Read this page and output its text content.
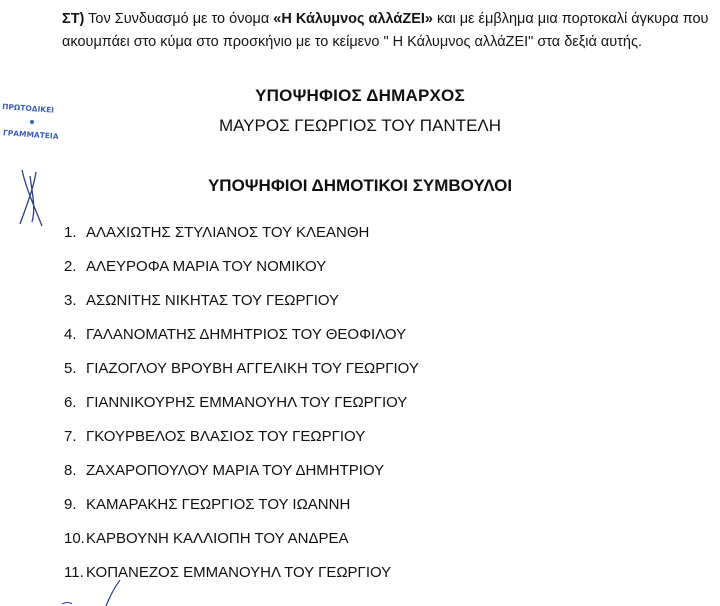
ΣΤ) Τον Συνδυασμό με το όνομα «Η Κάλυμνος αλλάΖΕΙ» και με έμβλημα μια πορτοκαλί άγκυρα που ακουμπάει στο κύμα στο προσκήνιο με το κείμενο " Η Κάλυμνος αλλάΖΕΙ" στα δεξιά αυτής.
ΥΠΟΨΗΦΙΟΣ ΔΗΜΑΡΧΟΣ
ΜΑΥΡΟΣ ΓΕΩΡΓΙΟΣ ΤΟΥ ΠΑΝΤΕΛΗ
ΥΠΟΨΗΦΙΟΙ ΔΗΜΟΤΙΚΟΙ ΣΥΜΒΟΥΛΟΙ
1. ΑΛΑΧΙΩΤΗΣ ΣΤΥΛΙΑΝΟΣ ΤΟΥ ΚΛΕΑΝΘΗ
2. ΑΛΕΥΡΟΦΑ ΜΑΡΙΑ ΤΟΥ ΝΟΜΙΚΟΥ
3. ΑΣΩΝΙΤΗΣ ΝΙΚΗΤΑΣ ΤΟΥ ΓΕΩΡΓΙΟΥ
4. ΓΑΛΑΝΟΜΑΤΗΣ ΔΗΜΗΤΡΙΟΣ ΤΟΥ ΘΕΟΦΙΛΟΥ
5. ΓΙΑΖΟΓΛΟΥ ΒΡΟΥΒΗ ΑΓΓΕΛΙΚΗ ΤΟΥ ΓΕΩΡΓΙΟΥ
6. ΓΙΑΝΝΙΚΟΥΡΗΣ ΕΜΜΑΝΟΥΗΛ ΤΟΥ ΓΕΩΡΓΙΟΥ
7. ΓΚΟΥΡΒΕΛΟΣ ΒΛΑΣΙΟΣ ΤΟΥ ΓΕΩΡΓΙΟΥ
8. ΖΑΧΑΡΟΠΟΥΛΟΥ ΜΑΡΙΑ ΤΟΥ ΔΗΜΗΤΡΙΟΥ
9. ΚΑΜΑΡΑΚΗΣ ΓΕΩΡΓΙΟΣ ΤΟΥ ΙΩΑΝΝΗ
10.ΚΑΡΒΟΥΝΗ ΚΑΛΛΙΟΠΗ ΤΟΥ ΑΝΔΡΕΑ
11. ΚΟΠΑΝΕΖΟΣ ΕΜΜΑΝΟΥΗΛ ΤΟΥ ΓΕΩΡΓΙΟΥ
ΠΡΩΤΟΔΙΚΕΙ
ΓΡΑΜΜΑΤΕΙΑ
